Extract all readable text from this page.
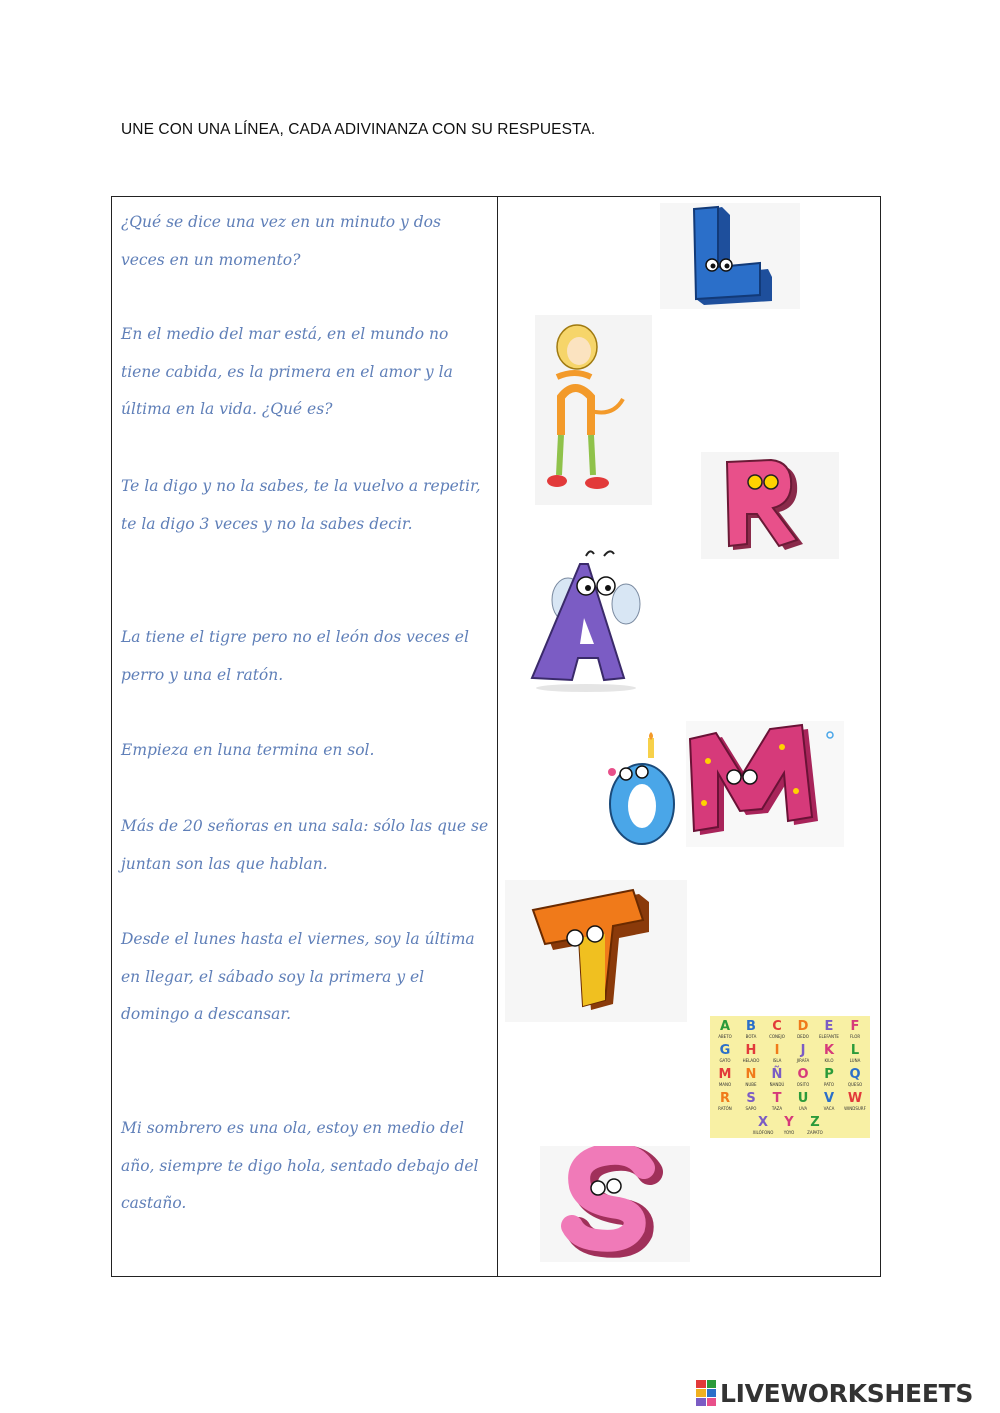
UNE CON UNA LÍNEA, CADA ADIVINANZA CON SU RESPUESTA.

¿Qué se dice una vez en un minuto y dos veces en un momento?

En el medio del mar está, en el mundo no tiene cabida, es la primera en el amor y la última en la vida. ¿Qué es?

Te la digo y no la sabes, te la vuelvo a repetir, te la digo 3 veces y no la sabes decir.

La tiene el tigre pero no el león dos veces el perro y una el ratón.

Empieza en luna termina en sol.

Más de 20 señoras en una sala: sólo las que se juntan son las que hablan.

Desde el lunes hasta el viernes, soy la última en llegar, el sábado soy la primera y el domingo a descansar.

Mi sombrero es una ola, estoy en medio del año, siempre te digo hola, sentado debajo del castaño.

L
ñ
R
A
O
M
T
A
ABETO
B
BOTA
C
CONEJO
D
DEDO
E
ELEFANTE
F
FLOR
G
GATO
H
HELADO
I
ISLA
J
JIRAFA
K
KILO
L
LUNA
M
MANO
N
NUBE
Ñ
ÑANDÚ
O
OSITO
P
PATO
Q
QUESO
R
RATÓN
S
SAPO
T
TAZA
U
UVA
V
VACA
W
WINDSURF
X
XILÓFONO
Y
YOYO
Z
ZAPATO
S
LIVEWORKSHEETS
